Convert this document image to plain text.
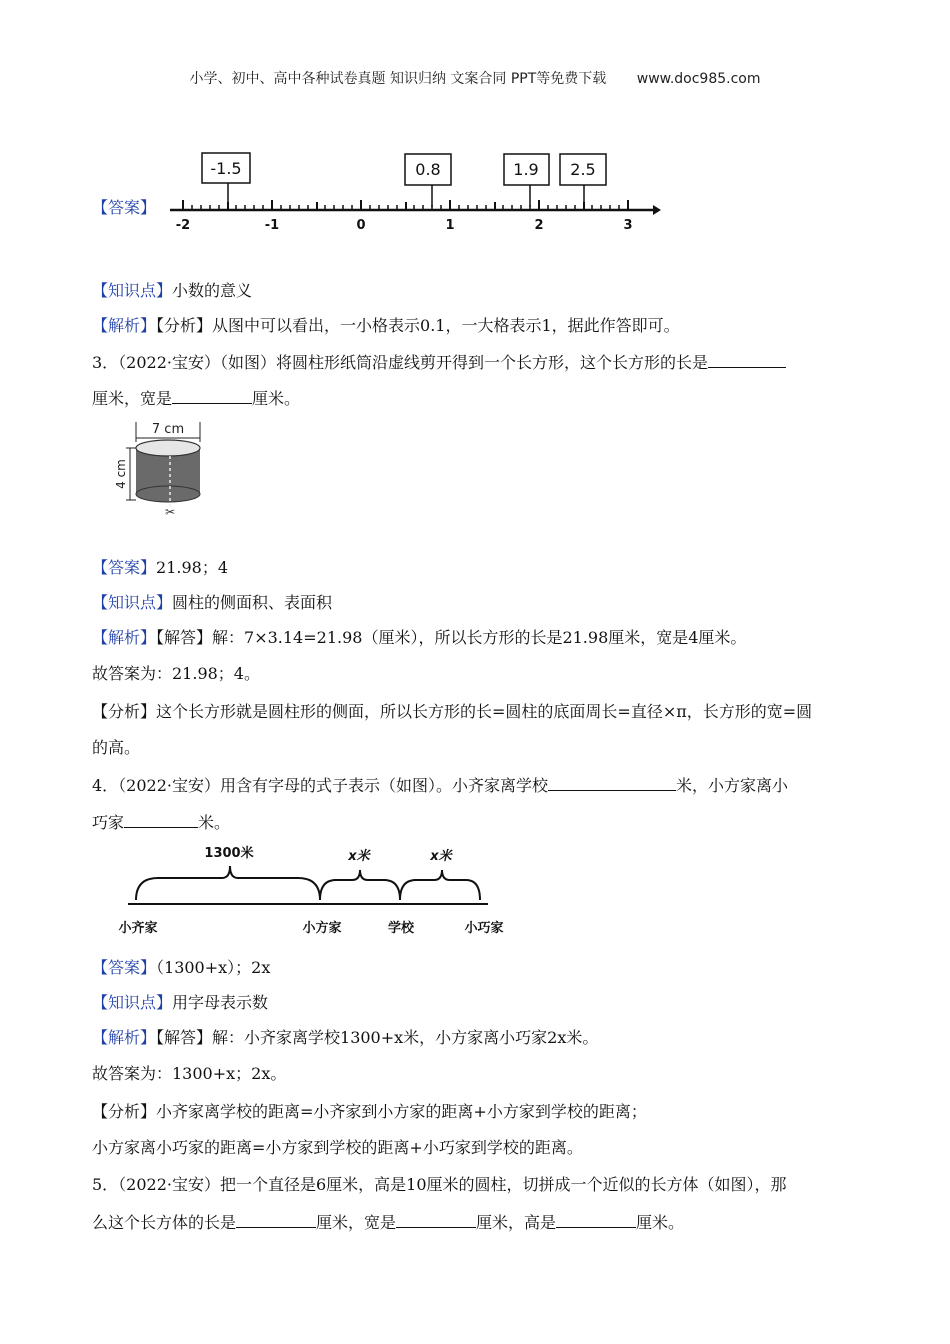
小学、初中、高中各种试卷真题 知识归纳 文案合同 PPT等免费下载 www.doc985.com
【答案】
-2	-1	0	1	2	3
-1.5	0.8	1.9 2.5
【知识点】小数的意义
【解析】【分析】从图中可以看出，一小格表示0.1，一大格表示1，据此作答即可。
3．（2022·宝安）（如图）将圆柱形纸筒沿虚线剪开得到一个长方形，这个长方形的长是
厘米，宽是	厘米。
7 cm
✂
4 cm
【答案】21.98；4
【知识点】圆柱的侧面积、表面积
【解析】【解答】解：7×3.14=21.98（厘米），所以长方形的长是21.98厘米，宽是4厘米。
故答案为：21.98；4。
【分析】这个长方形就是圆柱形的侧面，所以长方形的长=圆柱的底面周长=直径×π，长方形的宽=圆
的高。
4．（2022·宝安）用含有字母的式子表示（如图）。小齐家离学校	米，小方家离小
巧家	米。
1300米	x米	x米
小齐家	小方家	学校	小巧家
【答案】（1300+x）；2x
【知识点】用字母表示数
【解析】【解答】解：小齐家离学校1300+x米，小方家离小巧家2x米。
故答案为：1300+x；2x。
【分析】小齐家离学校的距离=小齐家到小方家的距离+小方家到学校的距离；
小方家离小巧家的距离=小方家到学校的距离+小巧家到学校的距离。
5．（2022·宝安）把一个直径是6厘米，高是10厘米的圆柱，切拼成一个近似的长方体（如图），那
么这个长方体的长是	厘米，宽是	厘米，高是	厘米。
